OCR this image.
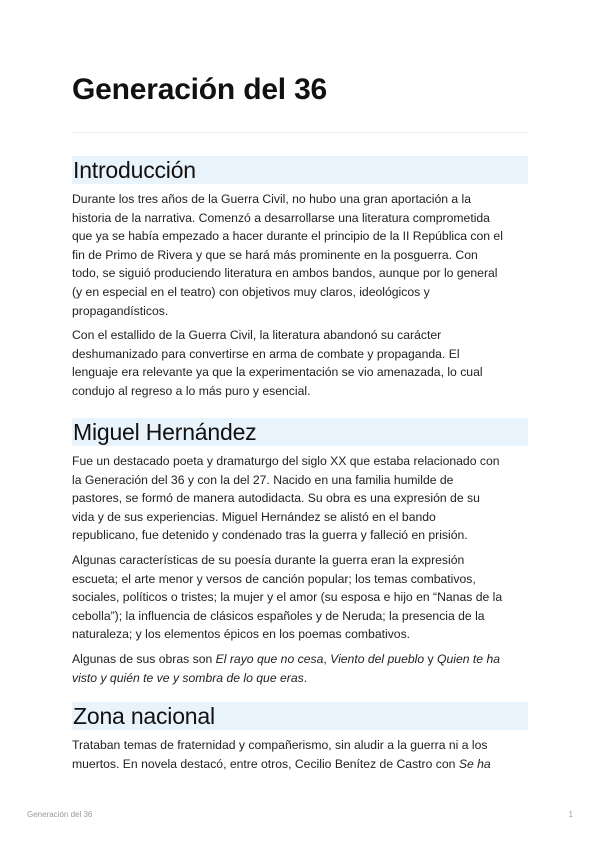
Generación del 36
Introducción

Durante los tres años de la Guerra Civil, no hubo una gran aportación a la
historia de la narrativa. Comenzó a desarrollarse una literatura comprometida
que ya se había empezado a hacer durante el principio de la II República con el
fin de Primo de Rivera y que se hará más prominente en la posguerra. Con
todo, se siguió produciendo literatura en ambos bandos, aunque por lo general
(y en especial en el teatro) con objetivos muy claros, ideológicos y
propagandísticos.

Con el estallido de la Guerra Civil, la literatura abandonó su carácter
deshumanizado para convertirse en arma de combate y propaganda. El
lenguaje era relevante ya que la experimentación se vio amenazada, lo cual
condujo al regreso a lo más puro y esencial.

Miguel Hernández

Fue un destacado poeta y dramaturgo del siglo XX que estaba relacionado con
la Generación del 36 y con la del 27. Nacido en una familia humilde de
pastores, se formó de manera autodidacta. Su obra es una expresión de su
vida y de sus experiencias. Miguel Hernández se alistó en el bando
republicano, fue detenido y condenado tras la guerra y falleció en prisión.

Algunas características de su poesía durante la guerra eran la expresión
escueta; el arte menor y versos de canción popular; los temas combativos,
sociales, políticos o tristes; la mujer y el amor (su esposa e hijo en “Nanas de la
cebolla”); la influencia de clásicos españoles y de Neruda; la presencia de la
naturaleza; y los elementos épicos en los poemas combativos.

Algunas de sus obras son El rayo que no cesa, Viento del pueblo y Quien te ha
visto y quién te ve y sombra de lo que eras.

Zona nacional

Trataban temas de fraternidad y compañerismo, sin aludir a la guerra ni a los
muertos. En novela destacó, entre otros, Cecilio Benítez de Castro con Se ha

Generación del 36	1
